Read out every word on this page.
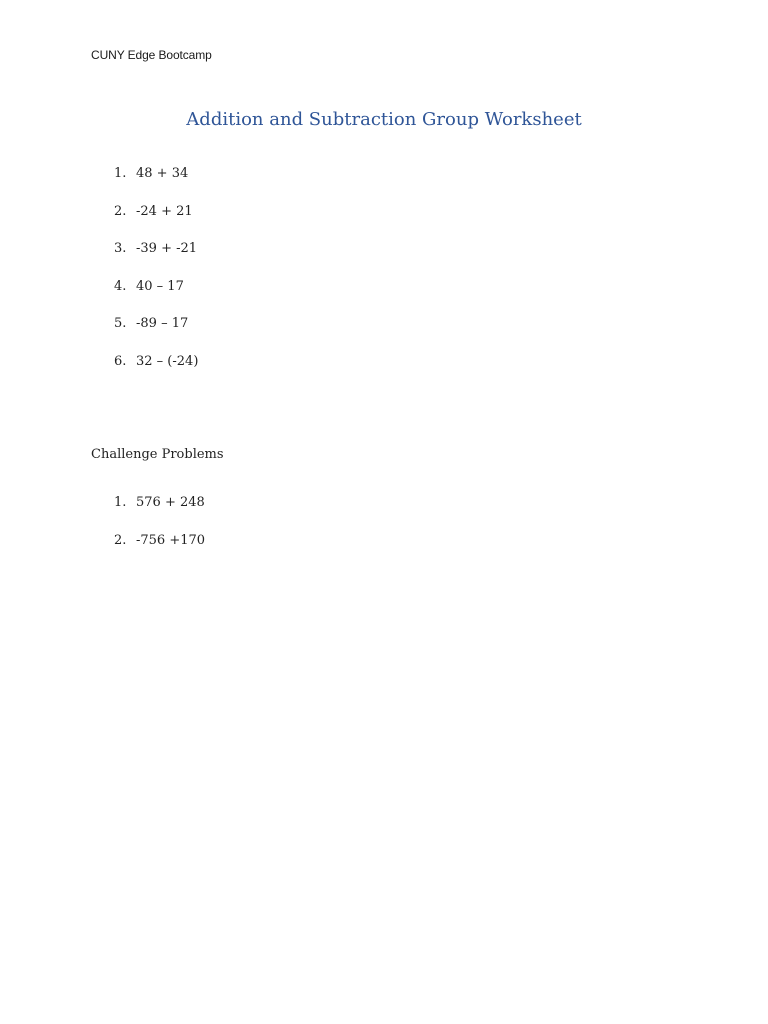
CUNY Edge Bootcamp
Addition and Subtraction Group Worksheet
1. 48 + 34
2. -24 + 21
3. -39 + -21
4. 40 – 17
5. -89 – 17
6. 32 – (-24)
Challenge Problems
1. 576 + 248
2. -756 +170
